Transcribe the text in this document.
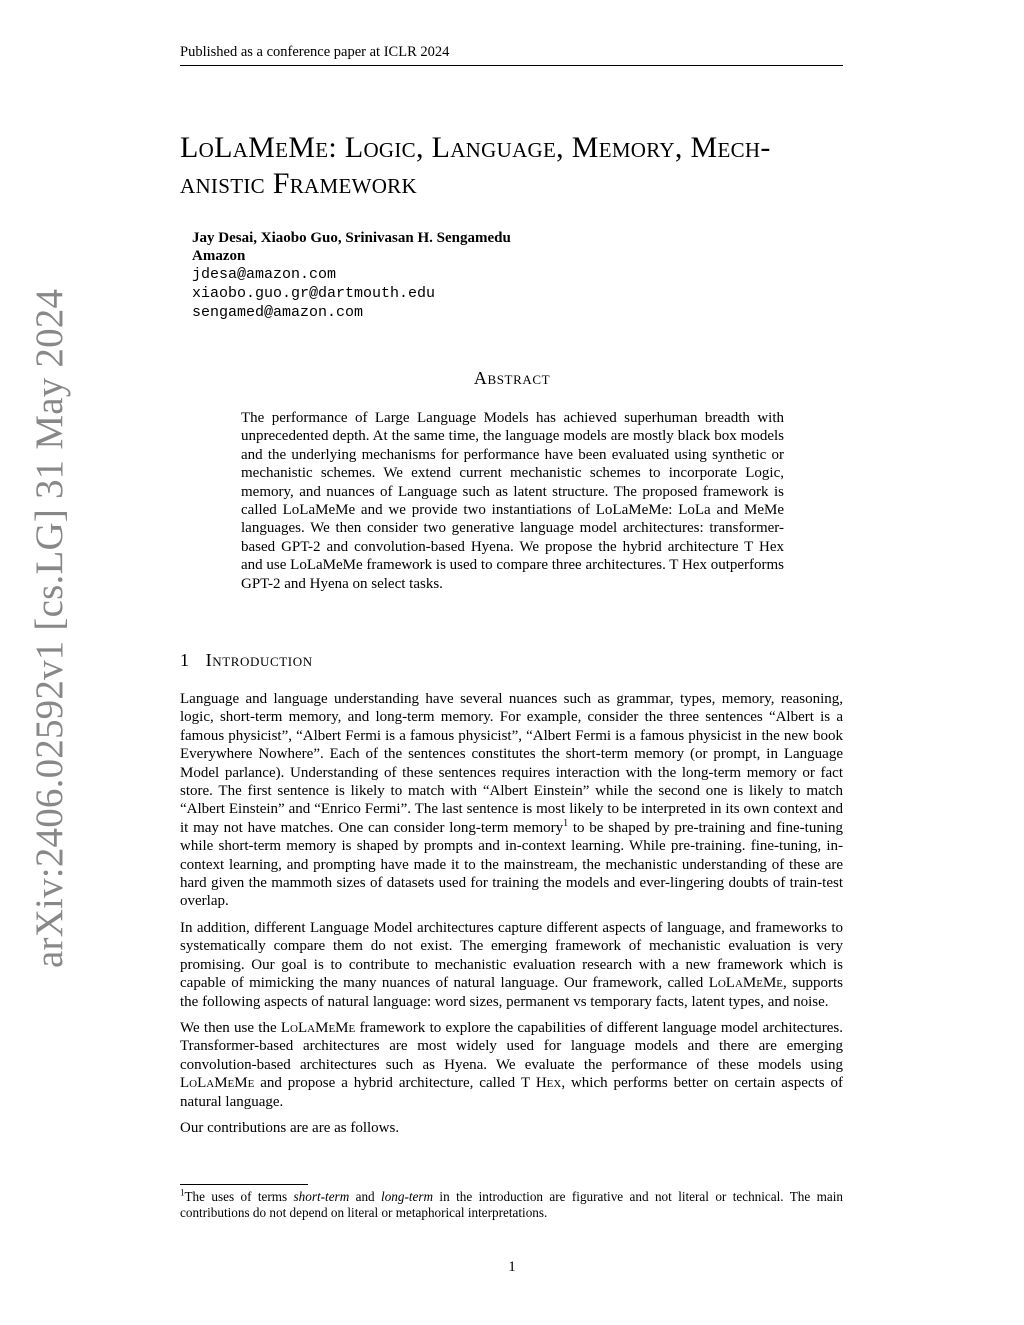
Published as a conference paper at ICLR 2024
arXiv:2406.02592v1 [cs.LG] 31 May 2024
LoLaMeMe: Logic, Language, Memory, Mech-
anistic Framework
Jay Desai, Xiaobo Guo, Srinivasan H. Sengamedu
Amazon
jdesa@amazon.com
xiaobo.guo.gr@dartmouth.edu
sengamed@amazon.com
Abstract
The performance of Large Language Models has achieved superhuman breadth with unprecedented depth. At the same time, the language models are mostly black box models and the underlying mechanisms for performance have been evaluated using synthetic or mechanistic schemes. We extend current mechanistic schemes to incorporate Logic, memory, and nuances of Language such as latent structure. The proposed framework is called LoLaMeMe and we provide two instantiations of LoLaMeMe: LoLa and MeMe languages. We then consider two generative language model architectures: transformer-based GPT-2 and convolution-based Hyena. We propose the hybrid architecture T Hex and use LoLaMeMe framework is used to compare three architectures. T Hex outperforms GPT-2 and Hyena on select tasks.
1 Introduction

Language and language understanding have several nuances such as grammar, types, memory, reasoning, logic, short-term memory, and long-term memory. For example, consider the three sentences “Albert is a famous physicist”, “Albert Fermi is a famous physicist”, “Albert Fermi is a famous physicist in the new book Everywhere Nowhere”. Each of the sentences constitutes the short-term memory (or prompt, in Language Model parlance). Understanding of these sentences requires interaction with the long-term memory or fact store. The first sentence is likely to match with “Albert Einstein” while the second one is likely to match “Albert Einstein” and “Enrico Fermi”. The last sentence is most likely to be interpreted in its own context and it may not have matches. One can consider long-term memory$^1$ to be shaped by pre-training and fine-tuning while short-term memory is shaped by prompts and in-context learning. While pre-training. fine-tuning, in-context learning, and prompting have made it to the mainstream, the mechanistic understanding of these are hard given the mammoth sizes of datasets used for training the models and ever-lingering doubts of train-test overlap.

In addition, different Language Model architectures capture different aspects of language, and frameworks to systematically compare them do not exist. The emerging framework of mechanistic evaluation is very promising. Our goal is to contribute to mechanistic evaluation research with a new framework which is capable of mimicking the many nuances of natural language. Our framework, called LoLaMeMe, supports the following aspects of natural language: word sizes, permanent vs temporary facts, latent types, and noise.

We then use the LoLaMeMe framework to explore the capabilities of different language model architectures. Transformer-based architectures are most widely used for language models and there are emerging convolution-based architectures such as Hyena. We evaluate the performance of these models using LoLaMeMe and propose a hybrid architecture, called T Hex, which performs better on certain aspects of natural language.

Our contributions are are as follows.

$^1$The uses of terms short-term and long-term in the introduction are figurative and not literal or technical. The main contributions do not depend on literal or metaphorical interpretations.
1
